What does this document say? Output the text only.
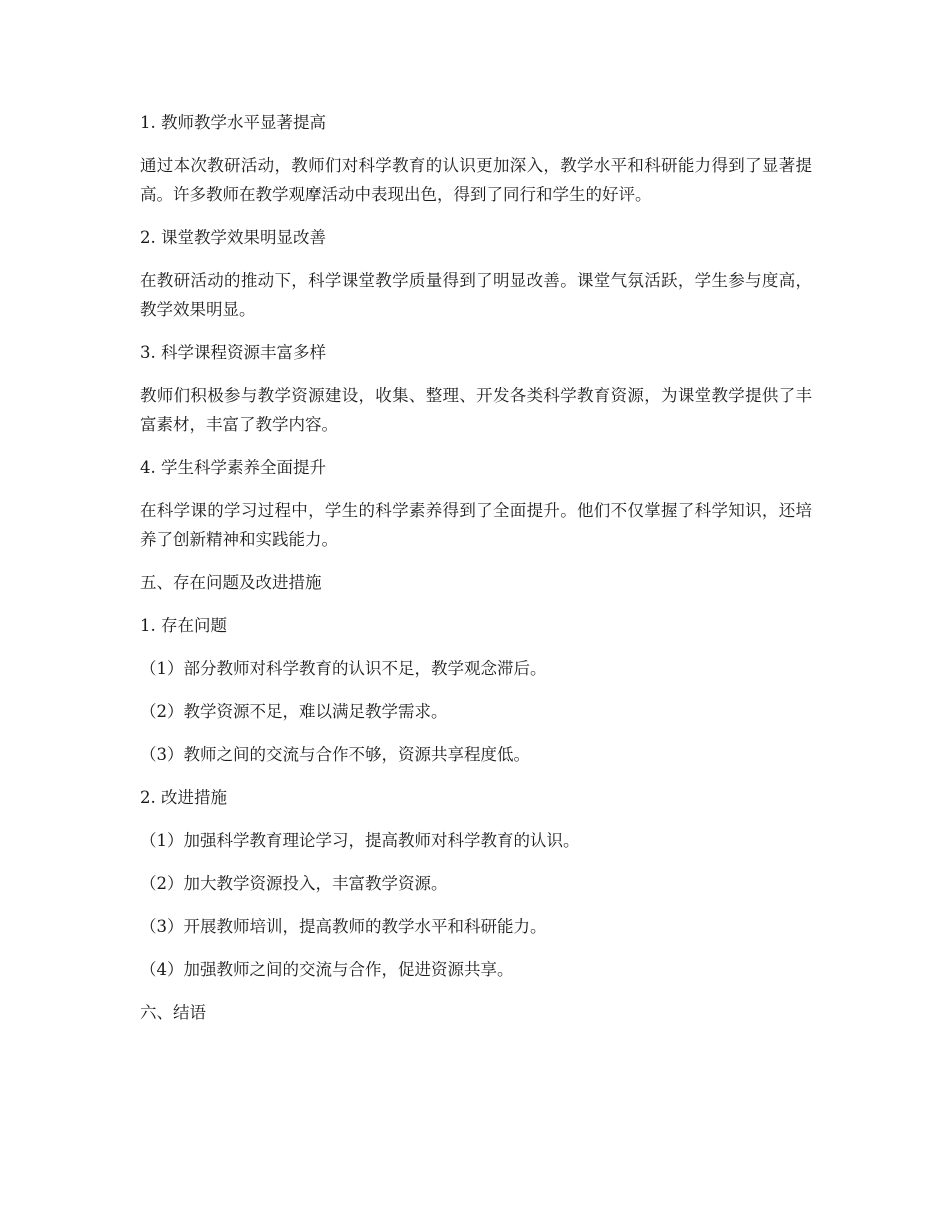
1. 教师教学水平显著提高

通过本次教研活动，教师们对科学教育的认识更加深入，教学水平和科研能力得到了显著提高。许多教师在教学观摩活动中表现出色，得到了同行和学生的好评。

2. 课堂教学效果明显改善

在教研活动的推动下，科学课堂教学质量得到了明显改善。课堂气氛活跃，学生参与度高，教学效果明显。

3. 科学课程资源丰富多样

教师们积极参与教学资源建设，收集、整理、开发各类科学教育资源，为课堂教学提供了丰富素材，丰富了教学内容。

4. 学生科学素养全面提升

在科学课的学习过程中，学生的科学素养得到了全面提升。他们不仅掌握了科学知识，还培养了创新精神和实践能力。

五、存在问题及改进措施

1. 存在问题

（1）部分教师对科学教育的认识不足，教学观念滞后。

（2）教学资源不足，难以满足教学需求。

（3）教师之间的交流与合作不够，资源共享程度低。

2. 改进措施

（1）加强科学教育理论学习，提高教师对科学教育的认识。

（2）加大教学资源投入，丰富教学资源。

（3）开展教师培训，提高教师的教学水平和科研能力。

（4）加强教师之间的交流与合作，促进资源共享。

六、结语
